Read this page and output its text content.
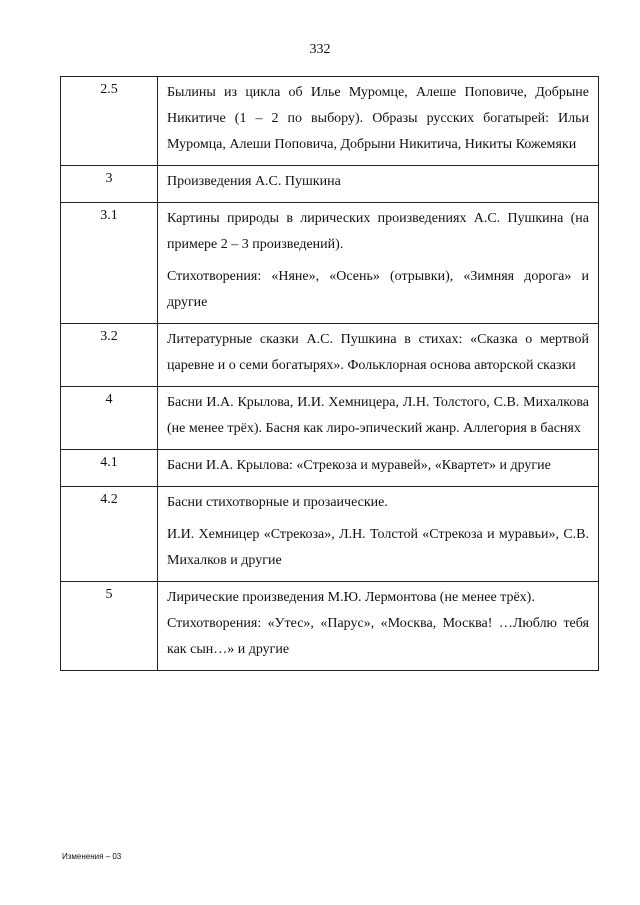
332
2.5	Былины из цикла об Илье Муромце, Алеше Поповиче, Добрыне Никитиче (1 – 2 по выбору). Образы русских богатырей: Ильи Муромца, Алеши Поповича, Добрыни Никитича, Никиты Кожемяки

3	Произведения А.С. Пушкина

3.1	Картины природы в лирических произведениях А.С. Пушкина (на примере 2 – 3 произведений).

Стихотворения: «Няне», «Осень» (отрывки), «Зимняя дорога» и другие

3.2	Литературные сказки А.С. Пушкина в стихах: «Сказка о мертвой царевне и о семи богатырях». Фольклорная основа авторской сказки

4	Басни И.А. Крылова, И.И. Хемницера, Л.Н. Толстого, С.В. Михалкова (не менее трёх). Басня как лиро-эпический жанр. Аллегория в баснях

4.1	Басни И.А. Крылова: «Стрекоза и муравей», «Квартет» и другие

4.2	Басни стихотворные и прозаические.

И.И. Хемницер «Стрекоза», Л.Н. Толстой «Стрекоза и муравьи», С.В. Михалков и другие

5	Лирические произведения М.Ю. Лермонтова (не менее трёх).

Стихотворения: «Утес», «Парус», «Москва, Москва! …Люблю тебя как сын…» и другие

Изменения – 03
